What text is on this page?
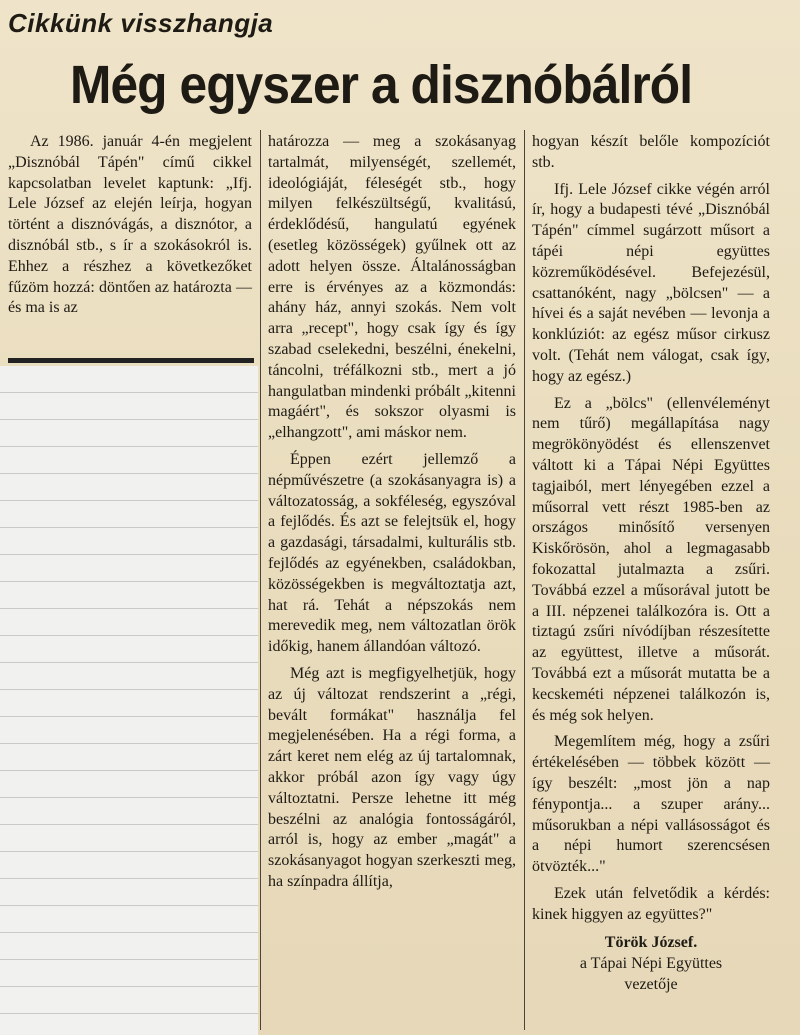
Cikkünk visszhangja
Még egyszer a disznóbálról

Az 1986. január 4-én megjelent „Disznóbál Tápén" című cikkel kapcsolatban levelet kaptunk: „Ifj. Lele József az elején leírja, hogyan történt a disznóvágás, a disznótor, a disznóbál stb., s ír a szokásokról is. Ehhez a részhez a következőket fűzöm hozzá: döntően az határozta — és ma is az

határozza — meg a szokásanyag tartalmát, milyenségét, szellemét, ideológiáját, féleségét stb., hogy milyen felkészültségű, kvalitású, érdeklődésű, hangulatú egyének (esetleg közösségek) gyűlnek ott az adott helyen össze. Általánosságban erre is érvényes az a közmondás: ahány ház, annyi szokás. Nem volt arra „recept", hogy csak így és így szabad cselekedni, beszélni, énekelni, táncolni, tréfálkozni stb., mert a jó hangulatban mindenki próbált „kitenni magáért", és sokszor olyasmi is „elhangzott", ami máskor nem.

Éppen ezért jellemző a népművészetre (a szokásanyagra is) a változatosság, a sokféleség, egyszóval a fejlődés. És azt se felejtsük el, hogy a gazdasági, társadalmi, kulturális stb. fejlődés az egyénekben, családokban, közösségekben is megváltoztatja azt, hat rá. Tehát a népszokás nem merevedik meg, nem változatlan örök időkig, hanem állandóan változó.

Még azt is megfigyelhetjük, hogy az új változat rendszerint a „régi, bevált formákat" használja fel megjelenésében. Ha a régi forma, a zárt keret nem elég az új tartalomnak, akkor próbál azon így vagy úgy változtatni. Persze lehetne itt még beszélni az analógia fontosságáról, arról is, hogy az ember „magát" a szokásanyagot hogyan szerkeszti meg, ha színpadra állítja,

hogyan készít belőle kompozíciót stb.

Ifj. Lele József cikke végén arról ír, hogy a budapesti tévé „Disznóbál Tápén" címmel sugárzott műsort a tápéi népi együttes közreműködésével. Befejezésül, csattanóként, nagy „bölcsen" — a hívei és a saját nevében — levonja a konklúziót: az egész műsor cirkusz volt. (Tehát nem válogat, csak így, hogy az egész.)

Ez a „bölcs" (ellenvéleményt nem tűrő) megállapítása nagy megrökönyödést és ellenszenvet váltott ki a Tápai Népi Együttes tagjaiból, mert lényegében ezzel a műsorral vett részt 1985-ben az országos minősítő versenyen Kiskőrösön, ahol a legmagasabb fokozattal jutalmazta a zsűri. Továbbá ezzel a műsorával jutott be a III. népzenei találkozóra is. Ott a tiztagú zsűri nívódíjban részesítette az együttest, illetve a műsorát. Továbbá ezt a műsorát mutatta be a kecskeméti népzenei találkozón is, és még sok helyen.

Megemlítem még, hogy a zsűri értékelésében — többek között — így beszélt: „most jön a nap fénypontja... a szuper arány... műsorukban a népi vallásosságot és a népi humort szerencsésen ötvözték..."

Ezek után felvetődik a kérdés: kinek higgyen az együttes?"

Török József.
a Tápai Népi Együttes
vezetője
